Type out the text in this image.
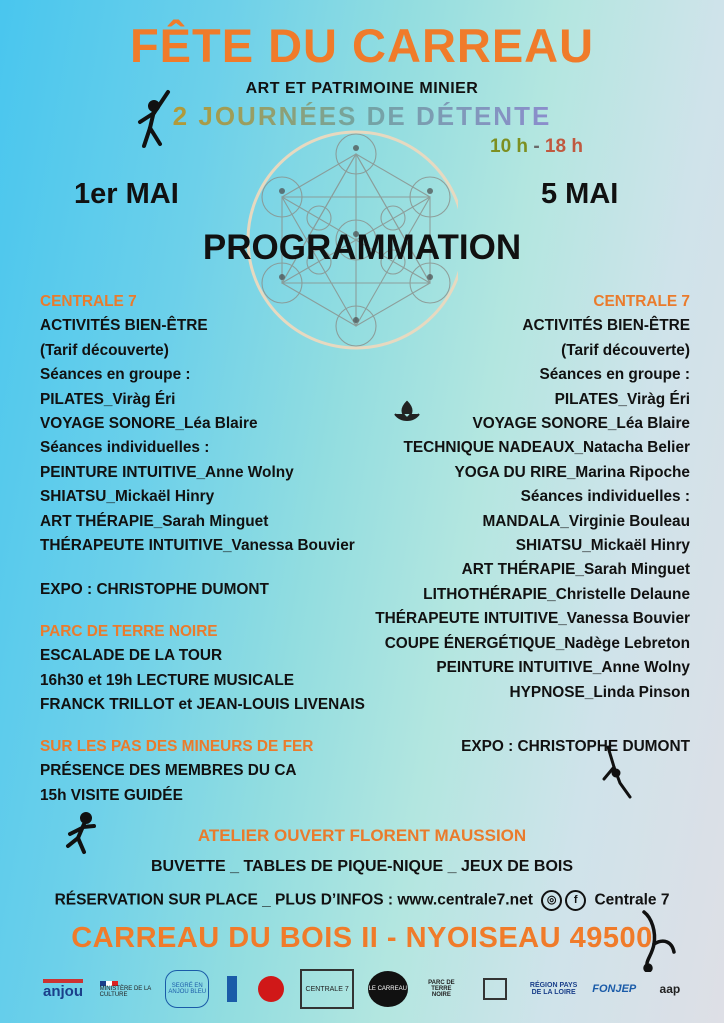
FÊTE DU CARREAU
ART ET PATRIMOINE MINIER
2 JOURNÉES DE DÉTENTE
10 h - 18 h
1er MAI	5 MAI
PROGRAMMATION
CENTRALE 7
ACTIVITÉS BIEN-ÊTRE
(Tarif découverte)
Séances en groupe :
PILATES_Viràg Éri
VOYAGE SONORE_Léa Blaire
Séances individuelles :
PEINTURE INTUITIVE_Anne Wolny
SHIATSU_Mickaël Hinry
ART THÉRAPIE_Sarah Minguet
THÉRAPEUTE INTUITIVE_Vanessa Bouvier
EXPO : CHRISTOPHE DUMONT
PARC DE TERRE NOIRE
ESCALADE DE LA TOUR
16h30 et 19h LECTURE MUSICALE
FRANCK TRILLOT et JEAN-LOUIS LIVENAIS
SUR LES PAS DES MINEURS DE FER
PRÉSENCE DES MEMBRES DU CA
15h VISITE GUIDÉE
CENTRALE 7
ACTIVITÉS BIEN-ÊTRE
(Tarif découverte)
Séances en groupe :
PILATES_Viràg Éri
VOYAGE SONORE_Léa Blaire
TECHNIQUE NADEAUX_Natacha Belier
YOGA DU RIRE_Marina Ripoche
Séances individuelles :
MANDALA_Virginie Bouleau
SHIATSU_Mickaël Hinry
ART THÉRAPIE_Sarah Minguet
LITHOTHÉRAPIE_Christelle Delaune
THÉRAPEUTE INTUITIVE_Vanessa Bouvier
COUPE ÉNERGÉTIQUE_Nadège Lebreton
PEINTURE INTUITIVE_Anne Wolny
HYPNOSE_Linda Pinson
EXPO : CHRISTOPHE DUMONT
ATELIER OUVERT FLORENT MAUSSION
BUVETTE _ TABLES DE PIQUE-NIQUE _ JEUX DE BOIS
RÉSERVATION SUR PLACE _ PLUS D’INFOS : www.centrale7.net	◎	f	Centrale 7
CARREAU DU BOIS II - NYOISEAU 49500
anjou	MINISTÈRE DE LA CULTURE
SEGRÉ EN ANJOU BLEU	CENTRALE 7	LE CARREAU
PARC DE TERRE NOIRE
RÉGION PAYS DE LA LOIRE FONJEP	aap
